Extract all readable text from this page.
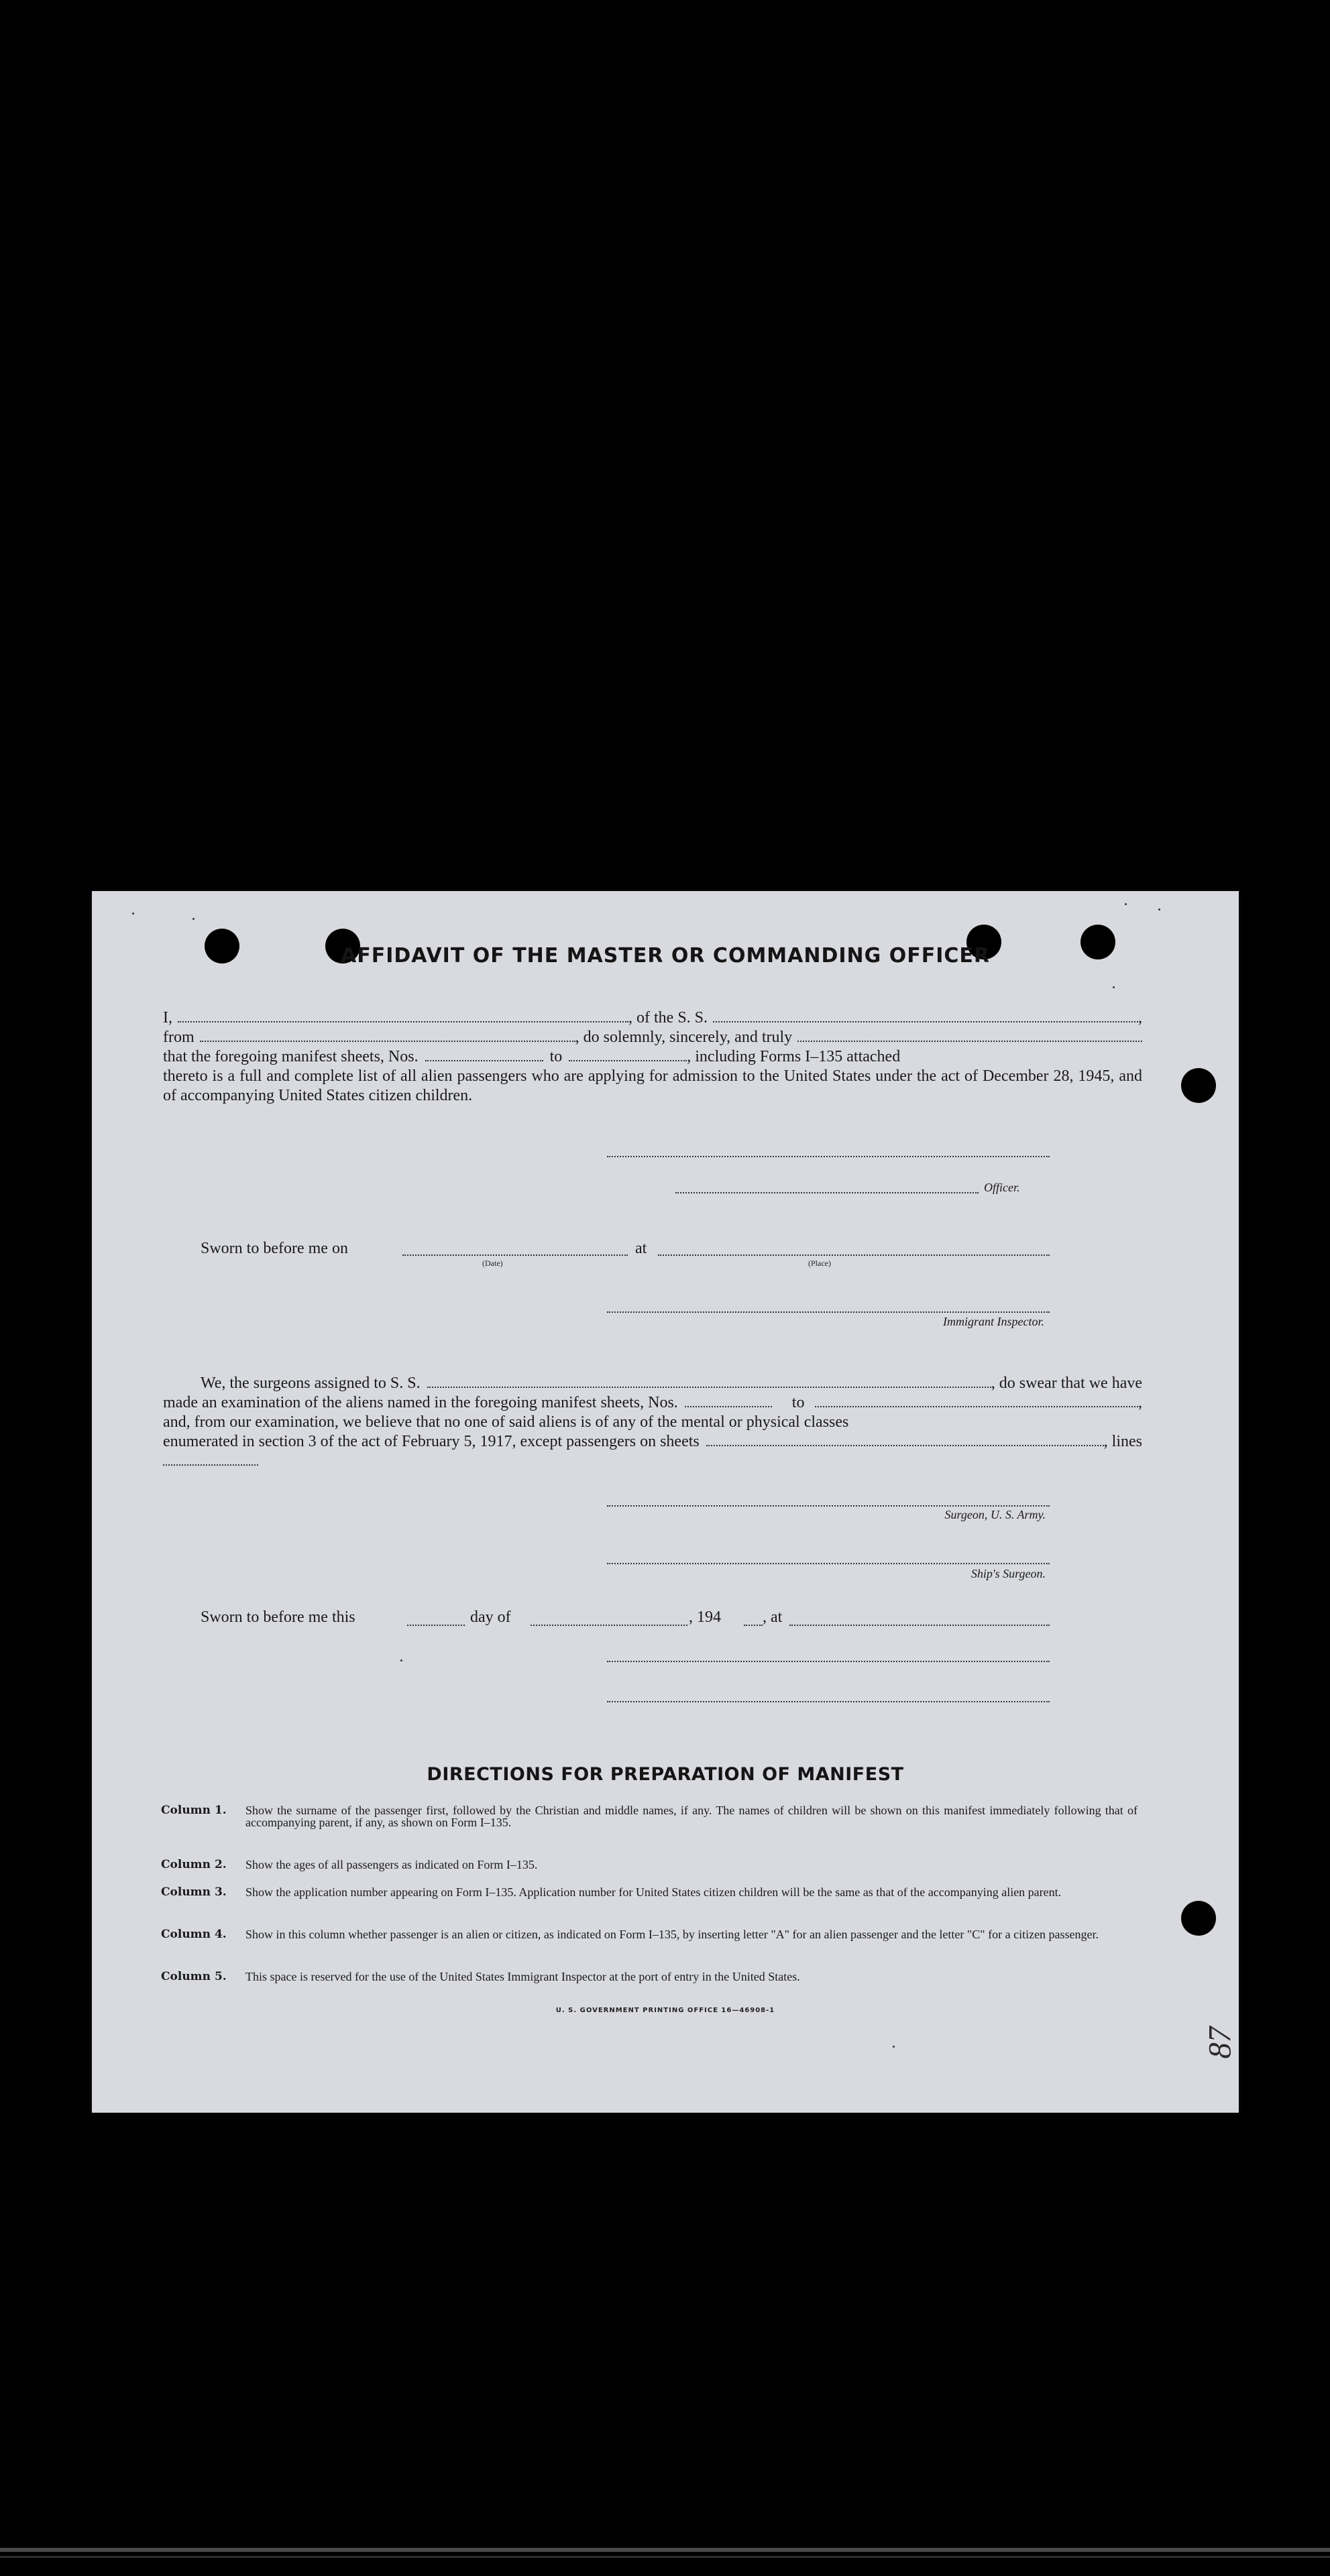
AFFIDAVIT OF THE MASTER OR COMMANDING OFFICER
I,	, of the S. S.	,
from	, do solemnly, sincerely, and truly
that the foregoing manifest sheets, Nos.	to	, including Forms I–135 attached
thereto is a full and complete list of all alien passengers who are applying for admission to the United States under the act of December 28, 1945, and of accompanying United States citizen children.
Officer.
Sworn to before me on	at
(Date)	(Place)
Immigrant Inspector.
We, the surgeons assigned to S. S.	, do swear that we have
made an examination of the aliens named in the foregoing manifest sheets, Nos.	to	,
and, from our examination, we believe that no one of said aliens is of any of the mental or physical classes
enumerated in section 3 of the act of February 5, 1917, except passengers on sheets	, lines
Surgeon, U. S. Army.
Ship's Surgeon.
Sworn to before me this	day of	, 194	, at
DIRECTIONS FOR PREPARATION OF MANIFEST
Column 1.	Show the surname of the passenger first, followed by the Christian and middle names, if any. The names of children will be shown on this manifest immediately following that of accompanying parent, if any, as shown on Form I–135.
Column 2.	Show the ages of all passengers as indicated on Form I–135.
Column 3.	Show the application number appearing on Form I–135. Application number for United States citizen children will be the same as that of the accompanying alien parent.
Column 4.	Show in this column whether passenger is an alien or citizen, as indicated on Form I–135, by inserting letter "A" for an alien passenger and the letter "C" for a citizen passenger.
Column 5.	This space is reserved for the use of the United States Immigrant Inspector at the port of entry in the United States.
U. S. GOVERNMENT PRINTING OFFICE 16—46908-1
87
